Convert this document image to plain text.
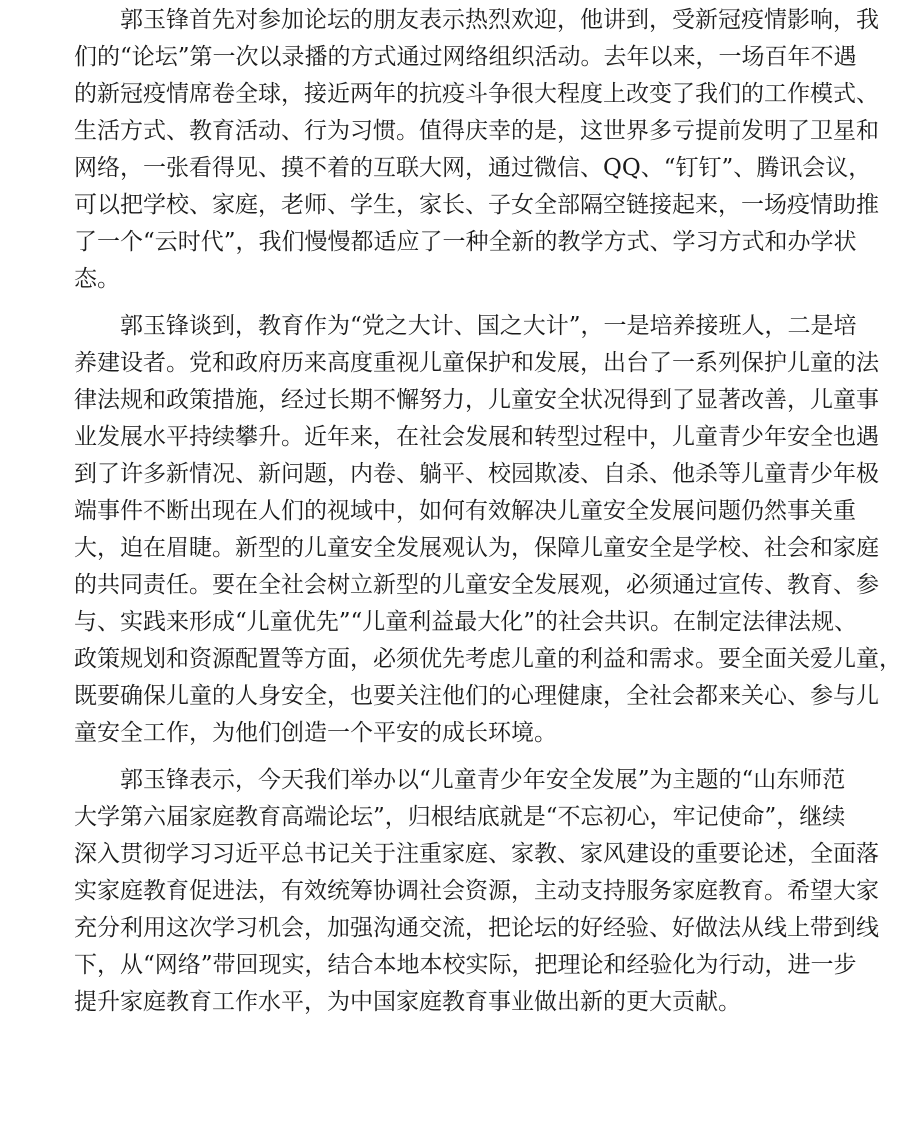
郭玉锋首先对参加论坛的朋友表示热烈欢迎，他讲到，受新冠疫情影响，我
们的“论坛”第一次以录播的方式通过网络组织活动。去年以来，一场百年不遇
的新冠疫情席卷全球，接近两年的抗疫斗争很大程度上改变了我们的工作模式、
生活方式、教育活动、行为习惯。值得庆幸的是，这世界多亏提前发明了卫星和
网络，一张看得见、摸不着的互联大网，通过微信、QQ、“钉钉”、腾讯会议，
可以把学校、家庭，老师、学生，家长、子女全部隔空链接起来，一场疫情助推
了一个“云时代”，我们慢慢都适应了一种全新的教学方式、学习方式和办学状
态。
郭玉锋谈到，教育作为“党之大计、国之大计”，一是培养接班人，二是培
养建设者。党和政府历来高度重视儿童保护和发展，出台了一系列保护儿童的法
律法规和政策措施，经过长期不懈努力，儿童安全状况得到了显著改善，儿童事
业发展水平持续攀升。近年来，在社会发展和转型过程中，儿童青少年安全也遇
到了许多新情况、新问题，内卷、躺平、校园欺凌、自杀、他杀等儿童青少年极
端事件不断出现在人们的视域中，如何有效解决儿童安全发展问题仍然事关重
大，迫在眉睫。新型的儿童安全发展观认为，保障儿童安全是学校、社会和家庭
的共同责任。要在全社会树立新型的儿童安全发展观，必须通过宣传、教育、参
与、实践来形成“儿童优先”“儿童利益最大化”的社会共识。在制定法律法规、
政策规划和资源配置等方面，必须优先考虑儿童的利益和需求。要全面关爱儿童，
既要确保儿童的人身安全，也要关注他们的心理健康，全社会都来关心、参与儿
童安全工作，为他们创造一个平安的成长环境。
郭玉锋表示，今天我们举办以“儿童青少年安全发展”为主题的“山东师范
大学第六届家庭教育高端论坛”，归根结底就是“不忘初心，牢记使命”，继续
深入贯彻学习习近平总书记关于注重家庭、家教、家风建设的重要论述，全面落
实家庭教育促进法，有效统筹协调社会资源，主动支持服务家庭教育。希望大家
充分利用这次学习机会，加强沟通交流，把论坛的好经验、好做法从线上带到线
下，从“网络”带回现实，结合本地本校实际，把理论和经验化为行动，进一步
提升家庭教育工作水平，为中国家庭教育事业做出新的更大贡献。
